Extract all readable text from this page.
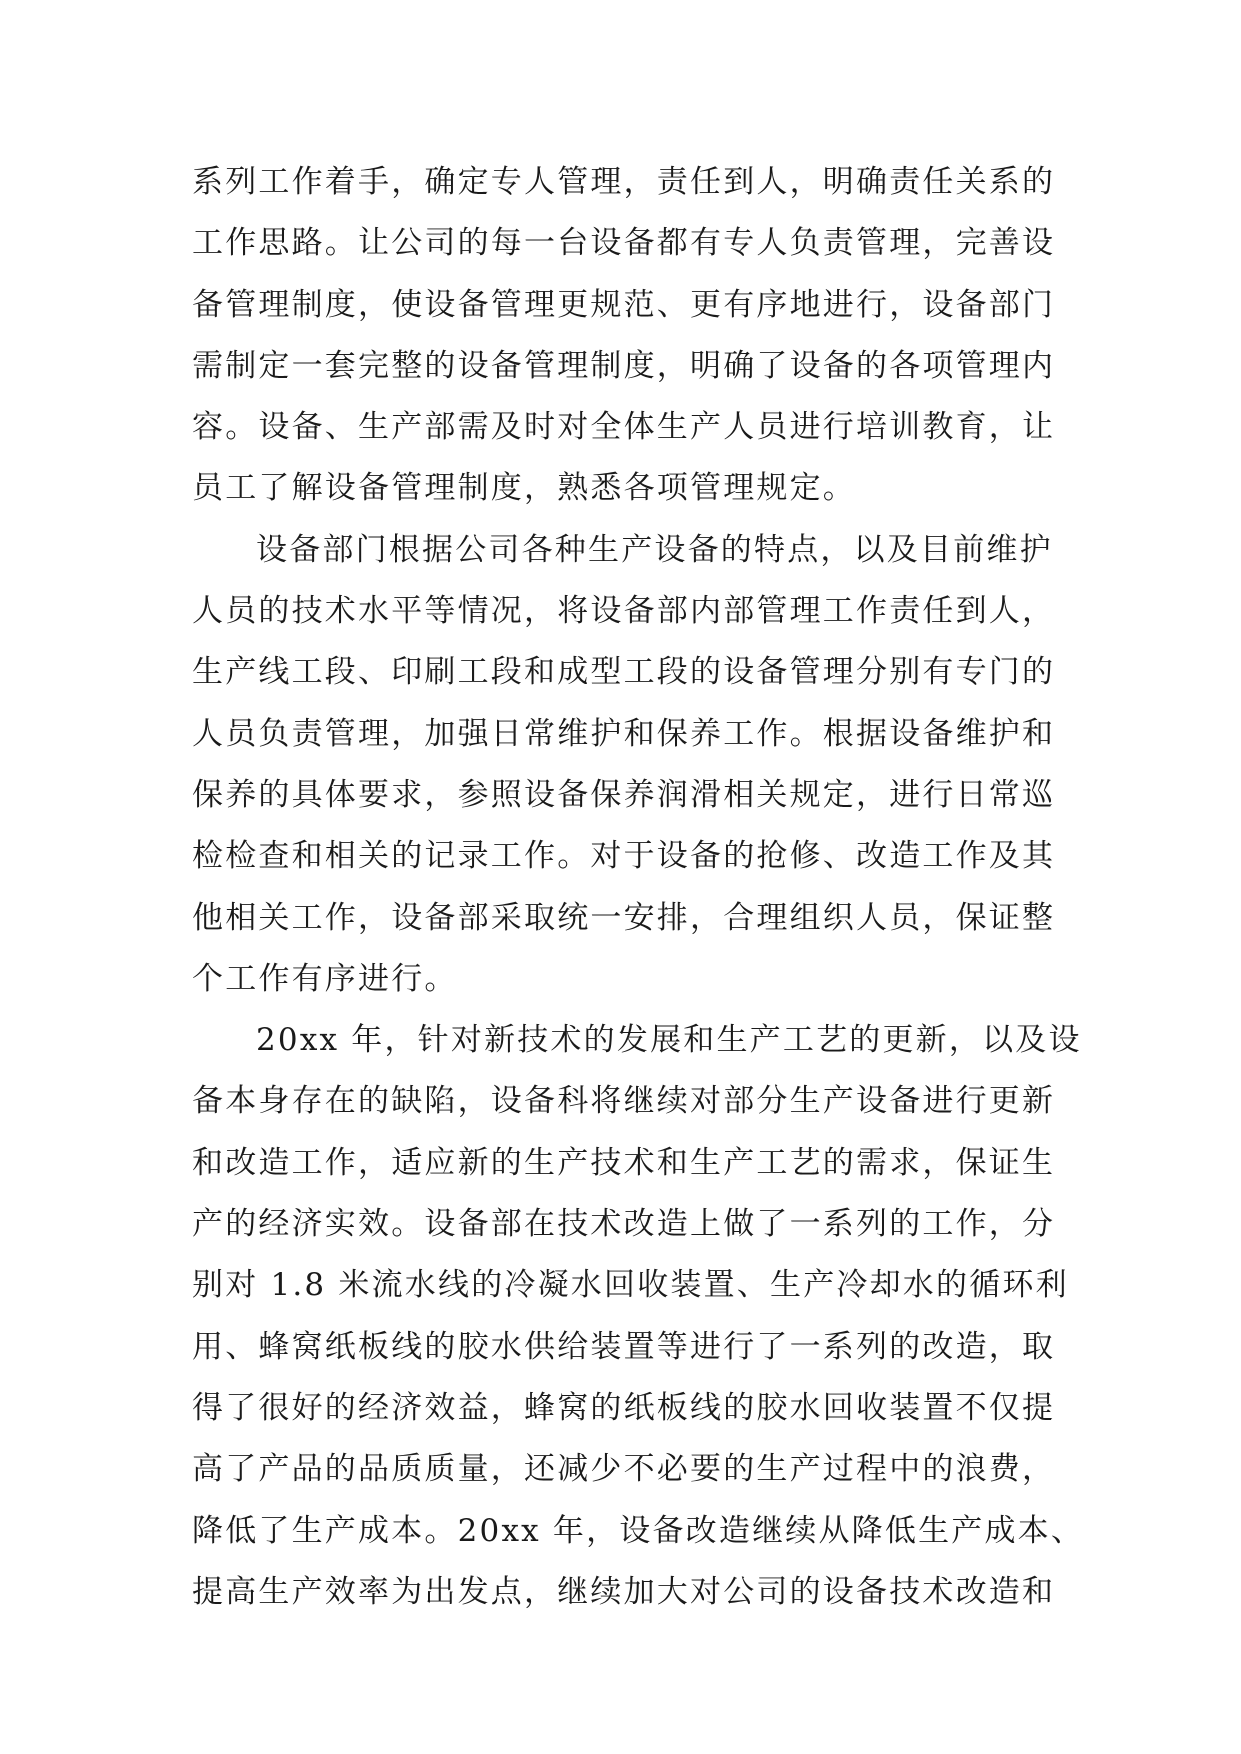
系列工作着手，确定专人管理，责任到人，明确责任关系的
工作思路。让公司的每一台设备都有专人负责管理，完善设
备管理制度，使设备管理更规范、更有序地进行，设备部门
需制定一套完整的设备管理制度，明确了设备的各项管理内
容。设备、生产部需及时对全体生产人员进行培训教育，让
员工了解设备管理制度，熟悉各项管理规定。
设备部门根据公司各种生产设备的特点，以及目前维护
人员的技术水平等情况，将设备部内部管理工作责任到人，
生产线工段、印刷工段和成型工段的设备管理分别有专门的
人员负责管理，加强日常维护和保养工作。根据设备维护和
保养的具体要求，参照设备保养润滑相关规定，进行日常巡
检检查和相关的记录工作。对于设备的抢修、改造工作及其
他相关工作，设备部采取统一安排，合理组织人员，保证整
个工作有序进行。
20xx 年，针对新技术的发展和生产工艺的更新，以及设
备本身存在的缺陷，设备科将继续对部分生产设备进行更新
和改造工作，适应新的生产技术和生产工艺的需求，保证生
产的经济实效。设备部在技术改造上做了一系列的工作，分
别对 1.8 米流水线的冷凝水回收装置、生产冷却水的循环利
用、蜂窝纸板线的胶水供给装置等进行了一系列的改造，取
得了很好的经济效益，蜂窝的纸板线的胶水回收装置不仅提
高了产品的品质质量，还减少不必要的生产过程中的浪费，
降低了生产成本。20xx 年，设备改造继续从降低生产成本、
提高生产效率为出发点，继续加大对公司的设备技术改造和
